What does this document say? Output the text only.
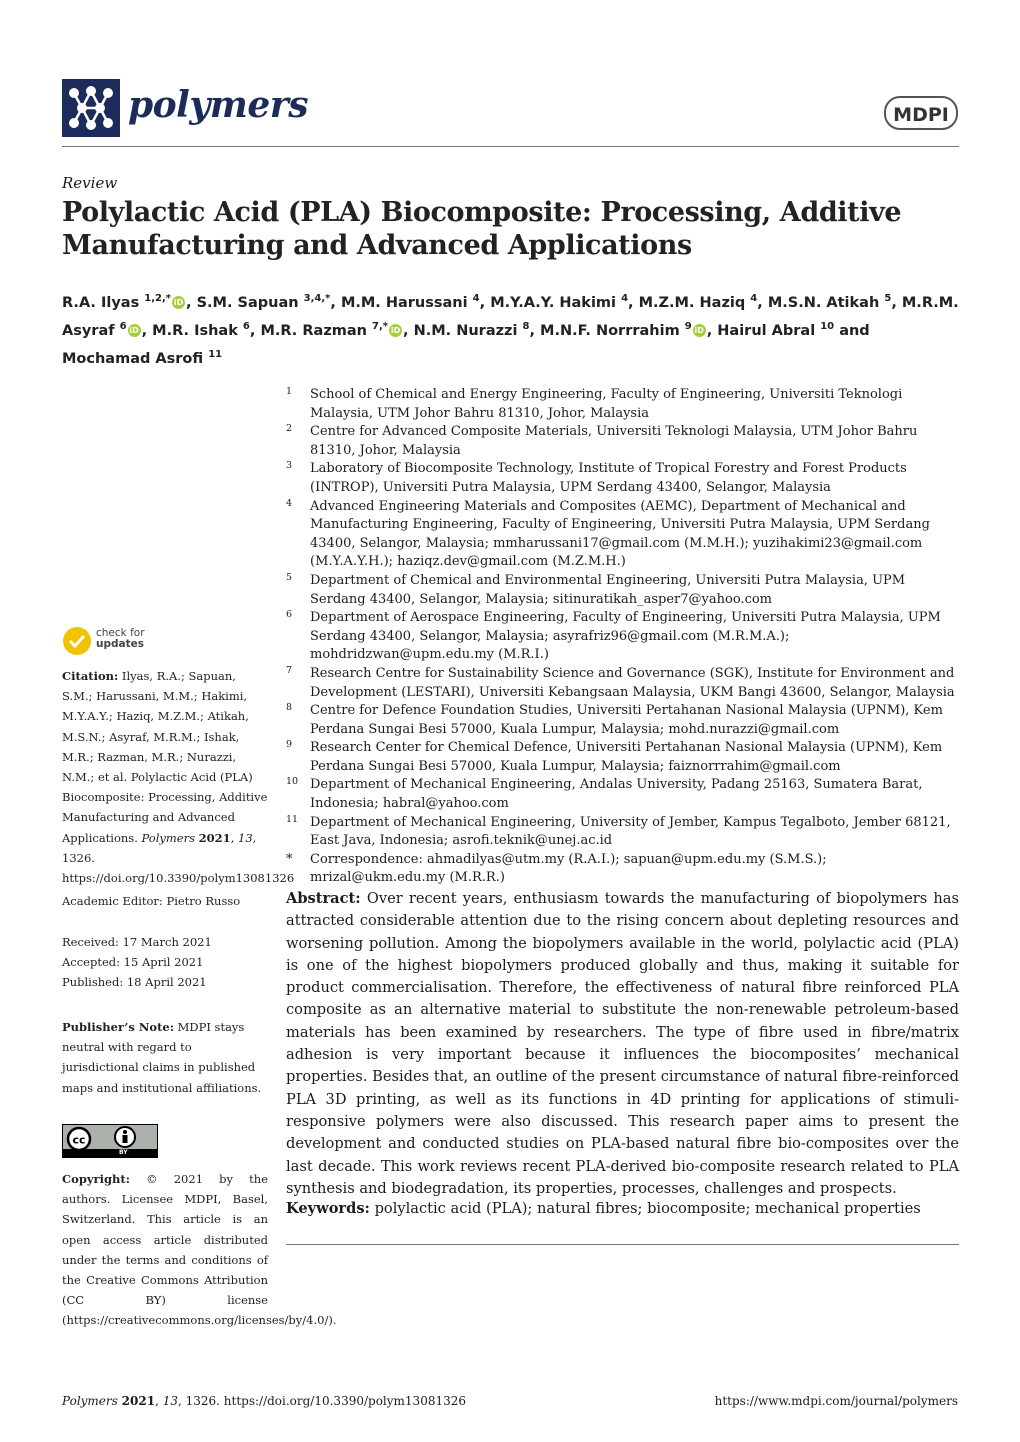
polymers	MDPI
Review
Polylactic Acid (PLA) Biocomposite: Processing, Additive Manufacturing and Advanced Applications
R.A. Ilyas $^{1,2,*}$ iD , S.M. Sapuan $^{3,4,*}$, M.M. Harussani $^4$, M.Y.A.Y. Hakimi $^4$, M.Z.M. Haziq $^4$, M.S.N. Atikah $^5$, M.R.M. Asyraf $^6$ iD , M.R. Ishak $^6$, M.R. Razman $^{7,*}$ iD , N.M. Nurazzi $^8$, M.N.F. Norrrahim $^9$ iD , Hairul Abral $^{10}$ and Mochamad Asrofi $^{11}$
1 School of Chemical and Energy Engineering, Faculty of Engineering, Universiti Teknologi Malaysia, UTM Johor Bahru 81310, Johor, Malaysia
2 Centre for Advanced Composite Materials, Universiti Teknologi Malaysia, UTM Johor Bahru 81310, Johor, Malaysia
3 Laboratory of Biocomposite Technology, Institute of Tropical Forestry and Forest Products (INTROP), Universiti Putra Malaysia, UPM Serdang 43400, Selangor, Malaysia
4 Advanced Engineering Materials and Composites (AEMC), Department of Mechanical and Manufacturing Engineering, Faculty of Engineering, Universiti Putra Malaysia, UPM Serdang 43400, Selangor, Malaysia; mmharussani17@gmail.com (M.M.H.); yuzihakimi23@gmail.com (M.Y.A.Y.H.); haziqz.dev@gmail.com (M.Z.M.H.)
5 Department of Chemical and Environmental Engineering, Universiti Putra Malaysia, UPM Serdang 43400, Selangor, Malaysia; sitinuratikah_asper7@yahoo.com
6 Department of Aerospace Engineering, Faculty of Engineering, Universiti Putra Malaysia, UPM Serdang 43400, Selangor, Malaysia; asyrafriz96@gmail.com (M.R.M.A.); mohdridzwan@upm.edu.my (M.R.I.)
7 Research Centre for Sustainability Science and Governance (SGK), Institute for Environment and Development (LESTARI), Universiti Kebangsaan Malaysia, UKM Bangi 43600, Selangor, Malaysia
8 Centre for Defence Foundation Studies, Universiti Pertahanan Nasional Malaysia (UPNM), Kem Perdana Sungai Besi 57000, Kuala Lumpur, Malaysia; mohd.nurazzi@gmail.com
9 Research Center for Chemical Defence, Universiti Pertahanan Nasional Malaysia (UPNM), Kem Perdana Sungai Besi 57000, Kuala Lumpur, Malaysia; faiznorrrahim@gmail.com
10 Department of Mechanical Engineering, Andalas University, Padang 25163, Sumatera Barat, Indonesia; habral@yahoo.com
11 Department of Mechanical Engineering, University of Jember, Kampus Tegalboto, Jember 68121, East Java, Indonesia; asrofi.teknik@unej.ac.id
* Correspondence: ahmadilyas@utm.my (R.A.I.); sapuan@upm.edu.my (S.M.S.); mrizal@ukm.edu.my (M.R.R.)
check for
updates
Citation: Ilyas, R.A.; Sapuan, S.M.; Harussani, M.M.; Hakimi, M.Y.A.Y.; Haziq, M.Z.M.; Atikah, M.S.N.; Asyraf, M.R.M.; Ishak, M.R.; Razman, M.R.; Nurazzi, N.M.; et al. Polylactic Acid (PLA) Biocomposite: Processing, Additive Manufacturing and Advanced Applications. Polymers 2021, 13, 1326. https://doi.org/10.3390/polym13081326
Academic Editor: Pietro Russo
Received: 17 March 2021
Accepted: 15 April 2021
Published: 18 April 2021
Publisher’s Note: MDPI stays neutral with regard to jurisdictional claims in published maps and institutional affiliations.
cc
BY
Copyright: © 2021 by the authors. Licensee MDPI, Basel, Switzerland. This article is an open access article distributed under the terms and conditions of the Creative Commons Attribution (CC BY) license (https://creativecommons.org/licenses/by/4.0/).
Abstract: Over recent years, enthusiasm towards the manufacturing of biopolymers has attracted considerable attention due to the rising concern about depleting resources and worsening pollution. Among the biopolymers available in the world, polylactic acid (PLA) is one of the highest biopolymers produced globally and thus, making it suitable for product commercialisation. Therefore, the effectiveness of natural fibre reinforced PLA composite as an alternative material to substitute the non-renewable petroleum-based materials has been examined by researchers. The type of fibre used in fibre/matrix adhesion is very important because it influences the biocomposites’ mechanical properties. Besides that, an outline of the present circumstance of natural fibre-reinforced PLA 3D printing, as well as its functions in 4D printing for applications of stimuli-responsive polymers were also discussed. This research paper aims to present the development and conducted studies on PLA-based natural fibre bio-composites over the last decade. This work reviews recent PLA-derived bio-composite research related to PLA synthesis and biodegradation, its properties, processes, challenges and prospects.
Keywords: polylactic acid (PLA); natural fibres; biocomposite; mechanical properties
Polymers 2021, 13, 1326. https://doi.org/10.3390/polym13081326	https://www.mdpi.com/journal/polymers
